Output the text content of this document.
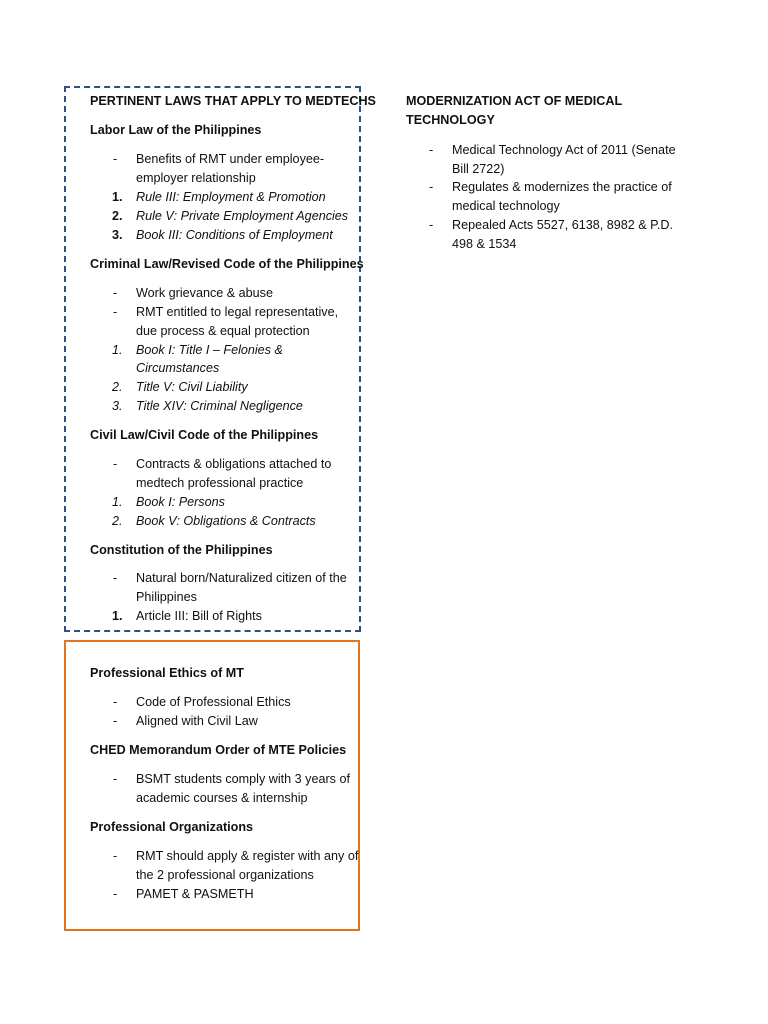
PERTINENT LAWS THAT APPLY TO MEDTECHS
Labor Law of the Philippines
- Benefits of RMT under employee-
employer relationship
1. Rule III: Employment & Promotion
2. Rule V: Private Employment Agencies
3. Book III: Conditions of Employment
Criminal Law/Revised Code of the Philippines
- Work grievance & abuse
- RMT entitled to legal representative,
due process & equal protection
1. Book I: Title I – Felonies &
Circumstances
2. Title V: Civil Liability
3. Title XIV: Criminal Negligence
Civil Law/Civil Code of the Philippines
- Contracts & obligations attached to
medtech professional practice
1. Book I: Persons
2. Book V: Obligations & Contracts
Constitution of the Philippines
- Natural born/Naturalized citizen of the
Philippines
1. Article III: Bill of Rights
Professional Ethics of MT
- Code of Professional Ethics
- Aligned with Civil Law
CHED Memorandum Order of MTE Policies
- BSMT students comply with 3 years of
academic courses & internship
Professional Organizations
- RMT should apply & register with any of
the 2 professional organizations
- PAMET & PASMETH
MODERNIZATION ACT OF MEDICAL
TECHNOLOGY
- Medical Technology Act of 2011 (Senate
Bill 2722)
- Regulates & modernizes the practice of
medical technology
- Repealed Acts 5527, 6138, 8982 & P.D.
498 & 1534
